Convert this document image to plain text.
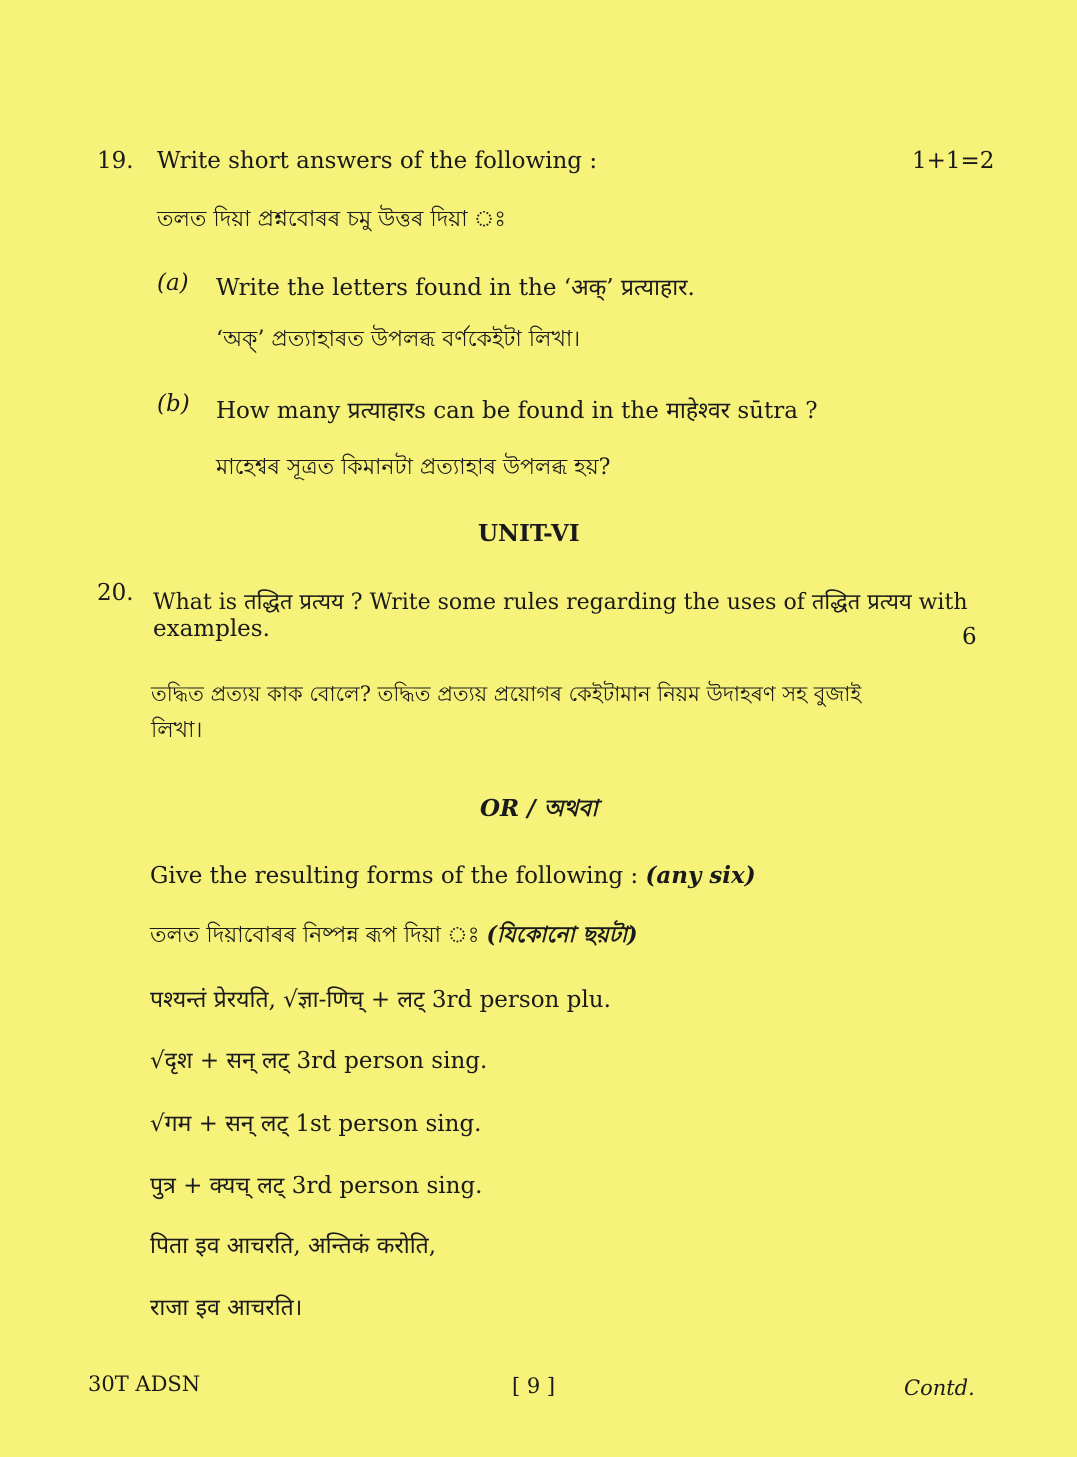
19. Write short answers of the following :	1+1=2
তলত দিয়া প্ৰশ্নবোৰৰ চমু উত্তৰ দিয়া ঃ
(a) Write the letters found in the ‘अक्’ प्रत्याहार.
‘অক্’ প্ৰত্যাহাৰত উপলব্ধ বৰ্ণকেইটা লিখা।
(b) How many प्रत्याहारs can be found in the माहेश्वर sūtra ?
মাহেশ্বৰ সূত্ৰত কিমানটা প্ৰত্যাহাৰ উপলব্ধ হয়?
UNIT-VI
20. What is तद्धित प्रत्यय ? Write some rules regarding the uses of तद्धित प्रत्यय with
examples.	6
তদ্ধিত প্ৰত্যয় কাক বোলে? তদ্ধিত প্ৰত্যয় প্ৰয়োগৰ কেইটামান নিয়ম উদাহৰণ সহ বুজাই
লিখা।
OR / অথবা
Give the resulting forms of the following : (any six)
তলত দিয়াবোৰৰ নিষ্পন্ন ৰূপ দিয়া ঃ (যিকোনো ছয়টা)
पश्यन्तं प्रेरयति, √ज्ञा-णिच् + लट् 3rd person plu.
√दृश + सन् लट् 3rd person sing.
√गम + सन् लट् 1st person sing.
पुत्र + क्यच् लट् 3rd person sing.
पिता इव आचरति, अन्तिकं करोति,
राजा इव आचरति।
30T ADSN	[ 9 ]	Contd.
